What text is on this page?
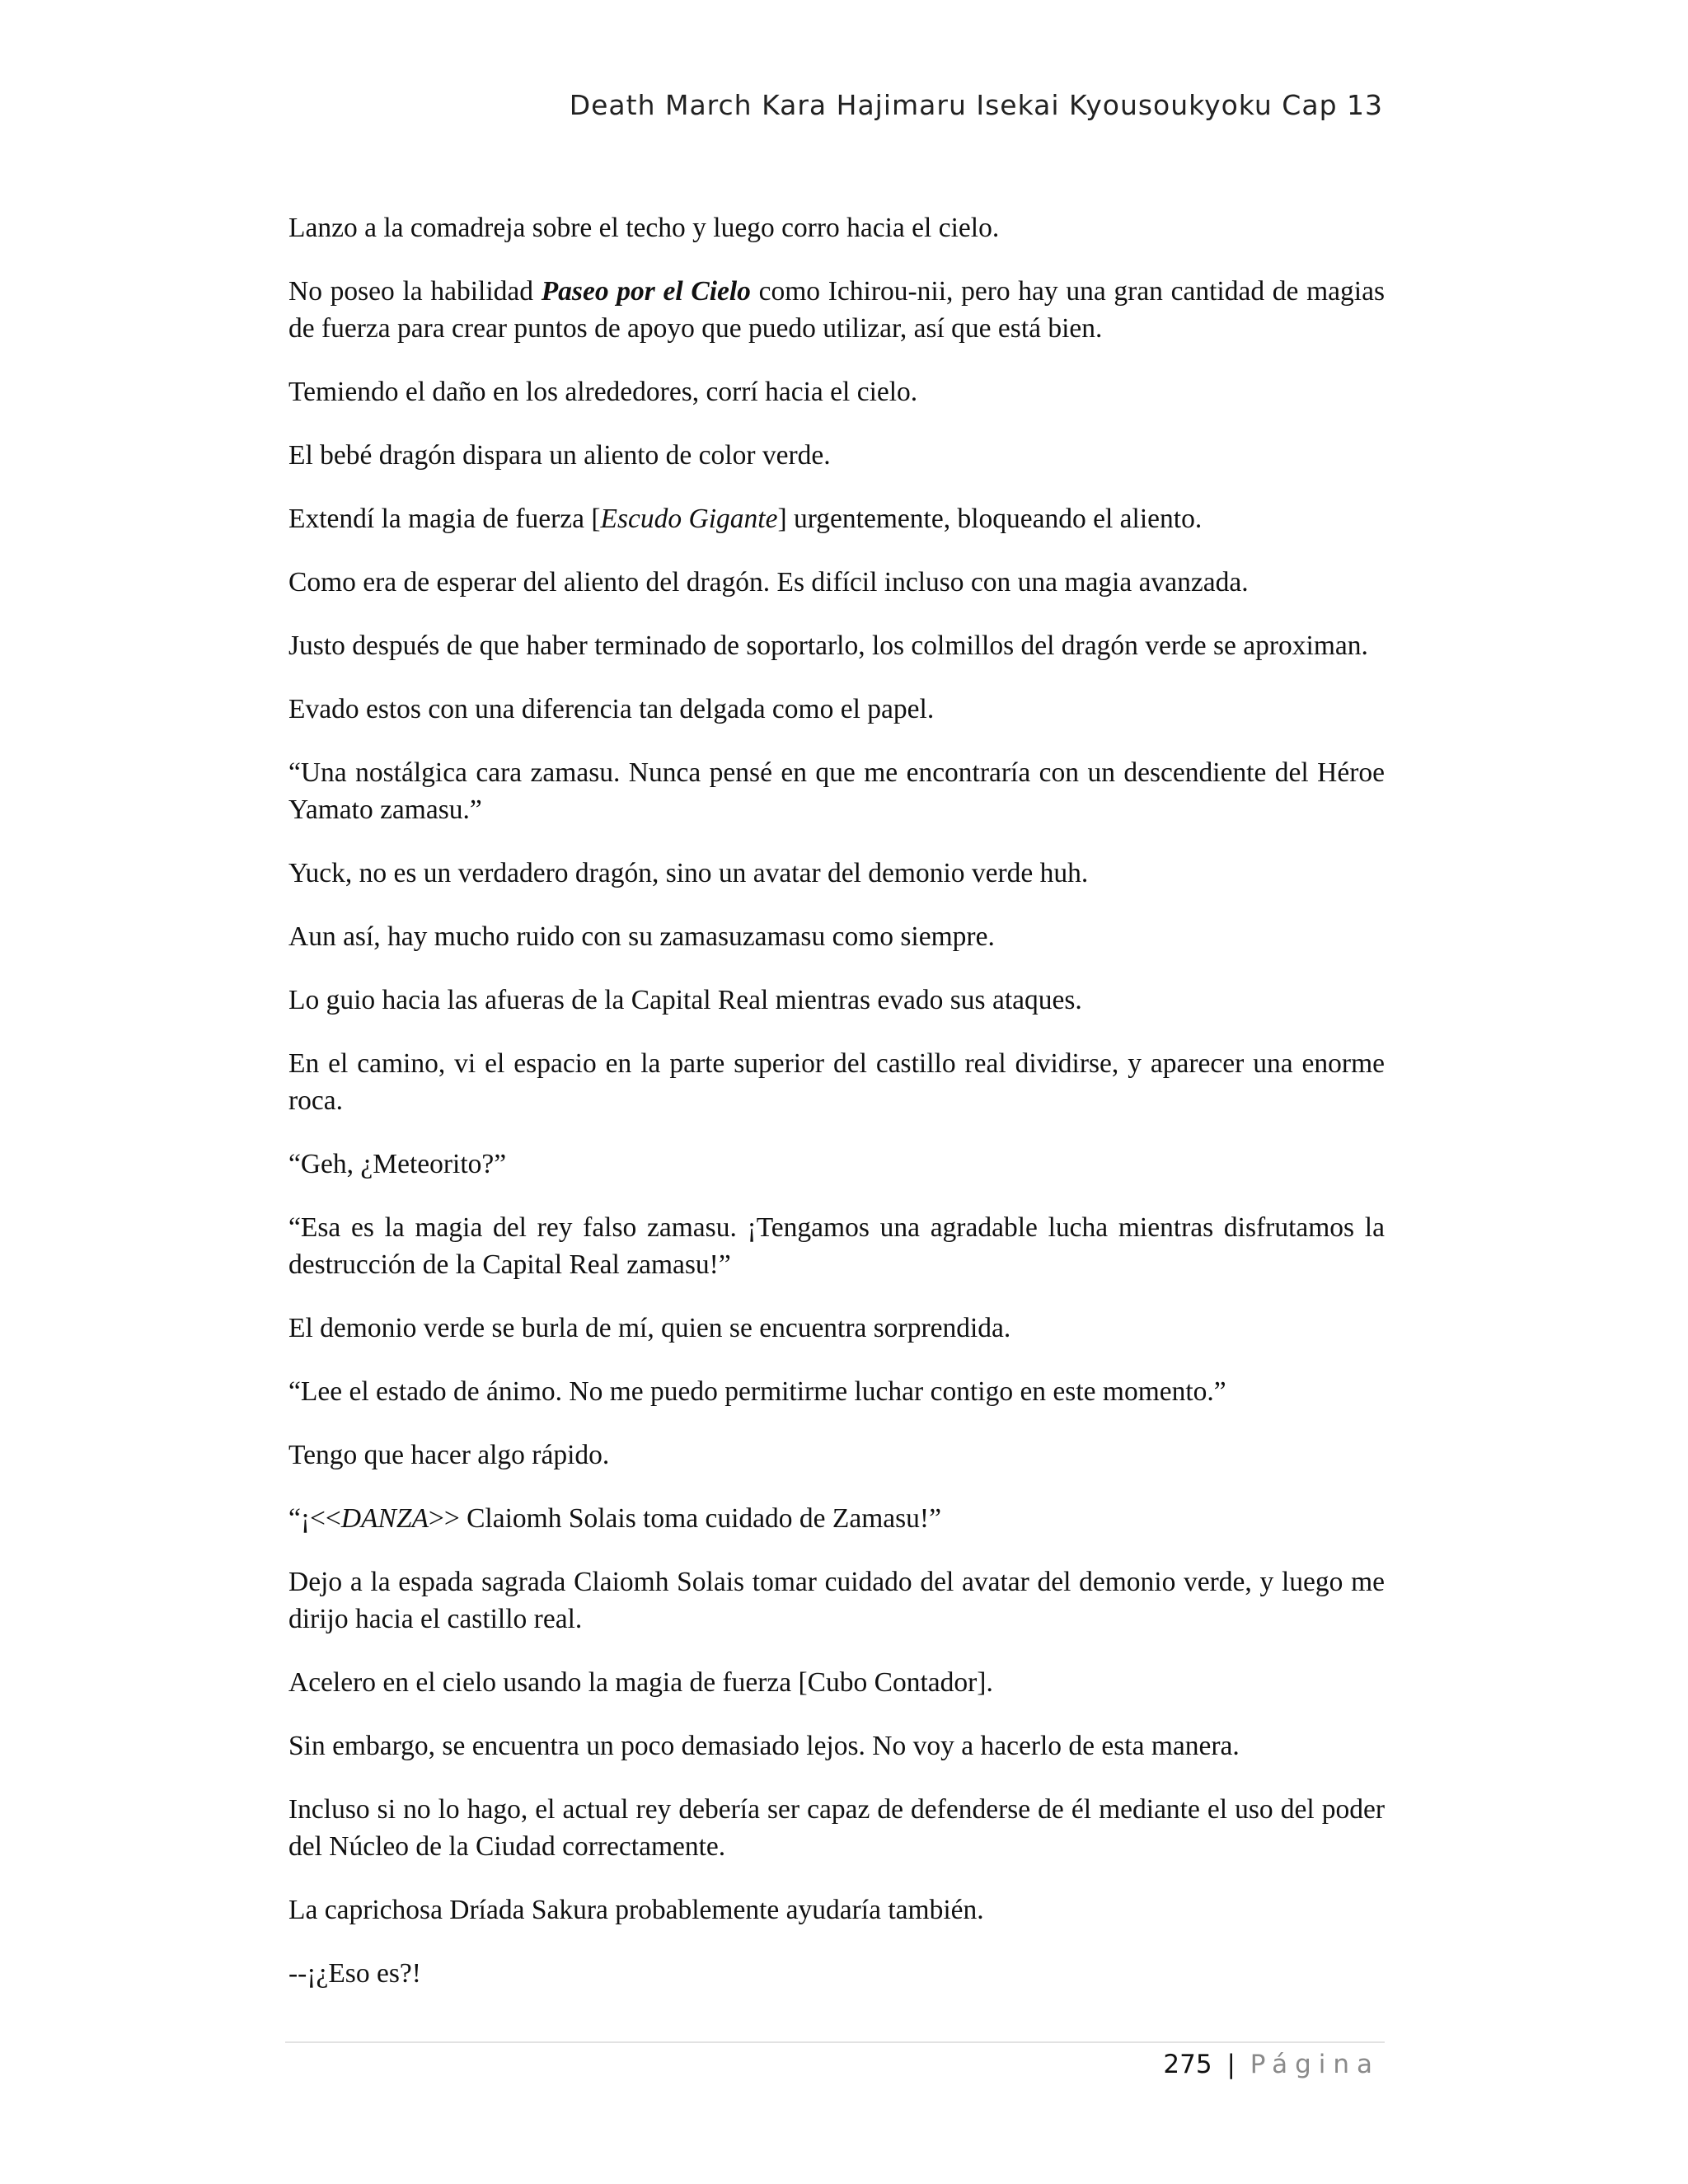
Death March Kara Hajimaru Isekai Kyousoukyoku Cap 13

Lanzo a la comadreja sobre el techo y luego corro hacia el cielo.

No poseo la habilidad Paseo por el Cielo como Ichirou-nii, pero hay una gran cantidad de magias de fuerza para crear puntos de apoyo que puedo utilizar, así que está bien.

Temiendo el daño en los alrededores, corrí hacia el cielo.

El bebé dragón dispara un aliento de color verde.

Extendí la magia de fuerza [Escudo Gigante] urgentemente, bloqueando el aliento.

Como era de esperar del aliento del dragón. Es difícil incluso con una magia avanzada.

Justo después de que haber terminado de soportarlo, los colmillos del dragón verde se aproximan.

Evado estos con una diferencia tan delgada como el papel.

“Una nostálgica cara zamasu. Nunca pensé en que me encontraría con un descendiente del Héroe Yamato zamasu.”

Yuck, no es un verdadero dragón, sino un avatar del demonio verde huh.

Aun así, hay mucho ruido con su zamasuzamasu como siempre.

Lo guio hacia las afueras de la Capital Real mientras evado sus ataques.

En el camino, vi el espacio en la parte superior del castillo real dividirse, y aparecer una enorme roca.

“Geh, ¿Meteorito?”

“Esa es la magia del rey falso zamasu. ¡Tengamos una agradable lucha mientras disfrutamos la destrucción de la Capital Real zamasu!”

El demonio verde se burla de mí, quien se encuentra sorprendida.

“Lee el estado de ánimo. No me puedo permitirme luchar contigo en este momento.”

Tengo que hacer algo rápido.

“¡<<DANZA>> Claiomh Solais toma cuidado de Zamasu!”

Dejo a la espada sagrada Claiomh Solais tomar cuidado del avatar del demonio verde, y luego me dirijo hacia el castillo real.

Acelero en el cielo usando la magia de fuerza [Cubo Contador].

Sin embargo, se encuentra un poco demasiado lejos. No voy a hacerlo de esta manera.

Incluso si no lo hago, el actual rey debería ser capaz de defenderse de él mediante el uso del poder del Núcleo de la Ciudad correctamente.

La caprichosa Dríada Sakura probablemente ayudaría también.

--¡¿Eso es?!

275 | Página
